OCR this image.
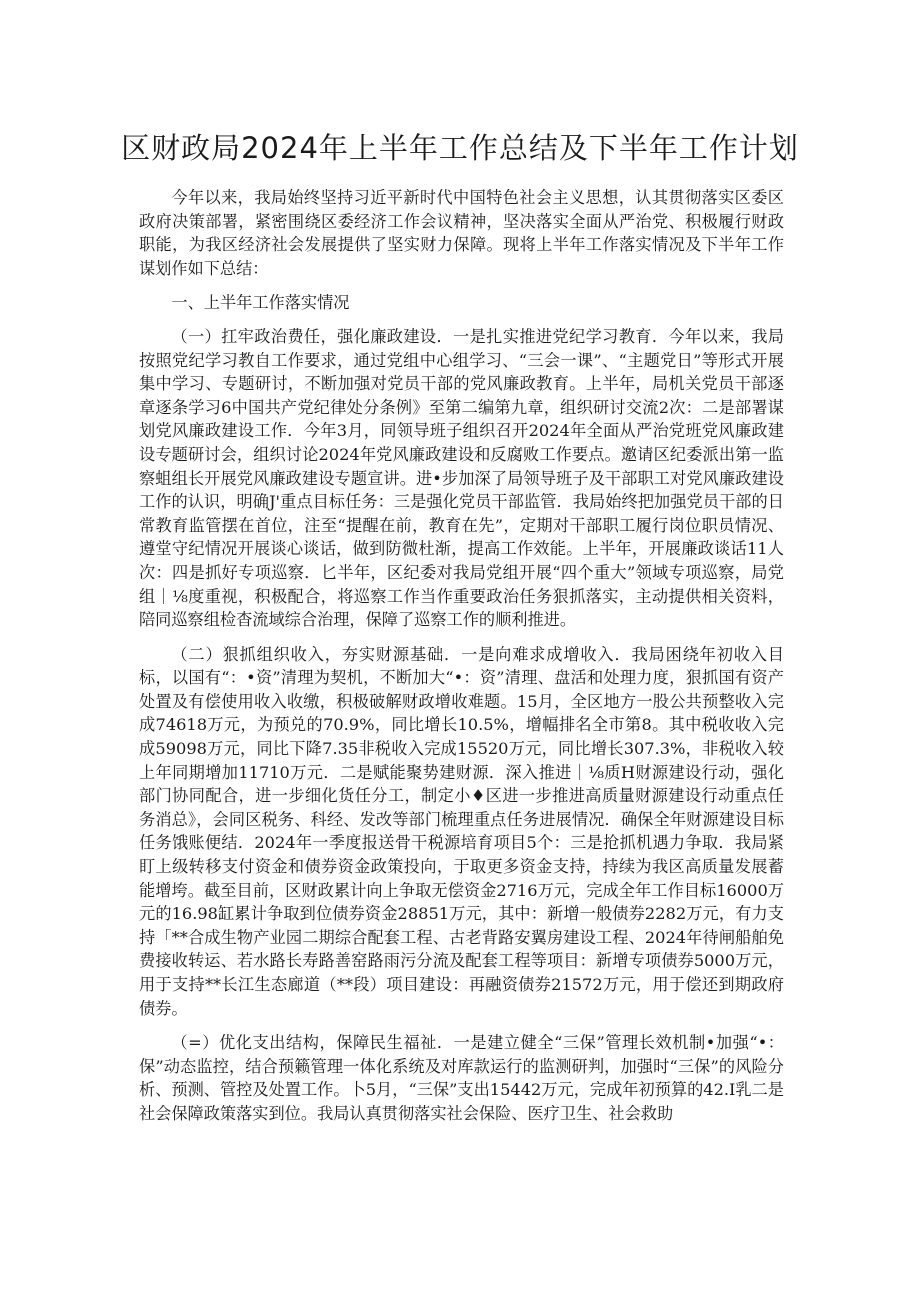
区财政局2024年上半年工作总结及下半年工作计划

今年以来，我局始终坚持习近平新时代中国特色社会主义思想，认其贯彻落实区委区政府决策部署，紧密围绕区委经济工作会议精神，坚决落实全面从严治党、积极履行财政职能，为我区经济社会发展提供了坚实财力保障。现将上半年工作落实情况及下半年工作谋划作如下总结：

一、上半年工作落实情况

（一）扛牢政治费任，强化廉政建设．一是扎实推进党纪学习教育．今年以来，我局按照党纪学习教自工作要求，通过党组中心组学习、“三会一课”、“主题党日”等形式开展集中学习、专题研讨，不断加强对党员干部的党风廉政教育。上半年，局机关党员干部逐章逐条学习6中国共产党纪律处分条例》至第二编第九章，组织研讨交流2次：二是部署谋划党风廉政建设工作．今年3月，同领导班子组织召开2024年全面从严治党班党风廉政建设专题研讨会，组织讨论2024年党风廉政建设和反腐败工作要点。邀请区纪委派出第一监察蛆组长开展党风廉政建设专题宣讲。进•步加深了局领导班子及干部职工对党风廉政建设工作的认识，明确J'重点目标任务：三是强化党员干部监管．我局始终把加强党员干部的日常教育监管摆在首位，注至“提醒在前，教育在先”，定期对干部职工履行岗位职员情况、遵堂守纪情况开展谈心谈话，做到防微杜渐，提高工作效能。上半年，开展廉政谈话11人次：四是抓好专项巡察．匕半年，区纪委对我局党组开展“四个重大”领域专项巡察，局党组｜⅛度重视，积极配合，将巡察工作当作重要政治任务狠抓落实，主动提供相关资料，陪同巡察组检杳流域综合治理，保障了巡察工作的顺利推进。

（二）狠抓组织收入，夯实财源基础．一是向难求成增收入．我局困绕年初收入目标，以国有“：•资”清理为契机，不断加大“•：资”清理、盘活和处理力度，狠抓国有资产处置及有偿使用收入收缴，积极破解财政增收难题。15月，全区地方一股公共预整收入完成74618万元，为预兑的70.9%，同比增长10.5%，增幅排名全市第8。其中税收收入完成59098万元，同比下降7.35非税收入完成15520万元，同比增长307.3%，非税收入较上年同期增加11710万元．二是赋能聚势建财源．深入推进｜⅛质H财源建设行动，强化部门协同配合，进一步细化货任分工，制定小♦区进一步推进高质量财源建设行动重点任务消总》，会同区税务、科经、发改等部门梳理重点任务进展情况．确保全年财源建设目标任务饿账便结．2024年一季度报送骨干税源培育项目5个：三是抢抓机遇力争取．我局紧盯上级转移支付资金和债券资金政策投向，于取更多资金支持，持续为我区高质量发展蓄能增垮。截至目前，区财政累计向上争取无偿资金2716万元，完成全年工作目标16000万元的16.98缸累计争取到位债券资金28851万元，其中：新增一般债券2282万元，有力支持「**合成生物产业园二期综合配套工程、古老背路安翼房建设工程、2024年待闸船舶免费接收转运、若水路长寿路善窑路雨污分流及配套工程等项目：新增专项债券5000万元，用于支持**长江生态廊道（**段）项目建设：再融资债券21572万元，用于偿还到期政府债券。

（=）优化支出结构，保障民生福祉．一是建立健全“三保”管理长效机制•加强“•：保”动态监控，结合预籁管理一体化系统及对库款运行的监测研判，加强时“三保”的风险分析、预测、管控及处置工作。卜5月，“三保”支出15442万元，完成年初预算的42.I乳二是社会保障政策落实到位。我局认真贯彻落实社会保险、医疗卫生、社会救助
